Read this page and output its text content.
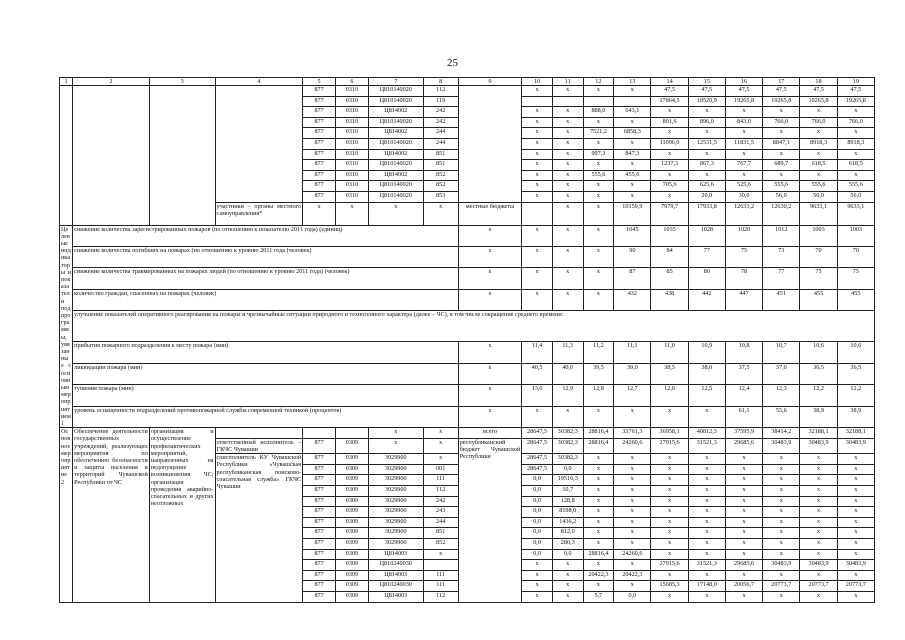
25
1	2	3	4	5	6	7	8	9	10	11	12	13	14	15	16	17	18	19
				877	0310	Ц810140020	112		x	x	x	x	47,5	47,5	47,5	47,5	47,5	47,5
				877	0310	Ц810140020	119						17864,5	18520,9	19265,8	19265,8	19265,8	19265,8
				877	0310	Ц814002	242		x	x	888,0	643,1	x	x	x	x	x	x
				877	0310	Ц810140020	242		x	x	x	x	801,6	896,0	843,0	766,0	766,0	766,0
				877	0310	Ц814002	244		x	x	7521,2	6858,3	x	x	x	x	x	x
				877	0310	Ц810140020	244		x	x	x	x	11096,0	12531,5	11831,5	8847,1	8918,3	8918,3
				877	0310	Ц814002	851		x	x	997,3	847,3	x	x	x	x	x	x
				877	0310	Ц810140020	851		x	x	x	x	1237,3	867,3	767,7	689,7	618,5	618,5
				877	0310	Ц814002	852		x	x	555,6	455,6	x	x	x	x	x	x
				877	0310	Ц810140020	852		x	x	x	x	705,6	625,6	525,6	555,6	555,6	555,6
				877	0310	Ц810140020	853		x	x	x	x	x	20,0	30,0	56,0	56,0	56,0
			участники – органы местного самоуправления*	x	x	x	x	местные бюджеты		x	x	10159,9	7979,7	17933,8	12633,2	12630,2	9633,1	9633,1
Целевые индикаторы и показатели подпрограммы, увязанные с основным мероприятием 1	снижение количества зарегистрированных пожаров (по отношению к показателю 2011 года) (единиц)							x	x	x	x	1045	1035	1028	1020	1012	1003	1003
	снижение количества погибших на пожарах (по отношению к уровню 2011 года (человек)							x	x	x	x	90	84	77	75	73	70	70
	снижение количества травмированных на пожарах людей (по отношению к уровню 2011 года) (человек)							x	x	x	x	87	85	80	78	77	75	75
	количество граждан, спасенных на пожарах (человек)							x	x	x	x	432	438	442	447	451	455	455
	улучшение показателей оперативного реагирования на пожары и чрезвычайные ситуации природного и техногенного характера (далее – ЧС), в том числе сокращение среднего времени:																	
	прибытия пожарного подразделения к месту пожара (мин)							x	11,4	11,3	11,2	11,1	11,0	10,9	10,8	10,7	10,6	10,6
	ликвидации пожара (мин)							x	40,5	40,0	39,5	39,0	38,5	38,0	37,5	37,0	36,5	36,5
	тушения пожара (мин)							x	13,0	12,9	12,8	12,7	12,6	12,5	12,4	12,3	12,2	12,2
	уровень оснащенности подразделений противопожарной службы современной техникой (процентов)							x	x	x	x	x	x	x	61,1	55,6	38,9	38,9
Основное мероприятие 2	Обеспечение деятельности государственных учреждений, реализующих мероприятия по обеспечению безопасности и защиты населения и территорий Чувашской Республики от ЧС	организация и осуществление профилактических мероприятий, направленных на недопущение возникновения ЧС; организация проведения аварийно-спасательных и других неотложных				x	x	всего	28647,5	30382,3	28816,4	33761,3	36958,1	40812,3	37595,9	38414,2	32188,1	32188,1
			ответственный исполнитель – ГКЧС Чувашии	877	0309	x	x	республиканский бюджет Чувашской Республики	28647,5	30382,3	28816,4	24260,6	27915,6	31521,3	29685,6	30483,9	30483,9	30483,9
			соисполнитель КУ Чувашской Республики «Чувашская республиканская поисково-спасательная служба» ГКЧС Чувашии	877	0309	3029900	x		28647,5	30382,3	x	x	x	x	x	x	x	x
				877	0309	3029900	001		28647,5	0,0	x	x	x	x	x	x	x	x
				877	0309	3029900	111		0,0	19516,3	x	x	x	x	x	x	x	x
				877	0309	3029900	112		0,0	10,7	x	x	x	x	x	x	x	x
				877	0309	3029900	242		0,0	128,8	x	x	x	x	x	x	x	x
				877	0309	3029900	243		0,0	8198,0	x	x	x	x	x	x	x	x
				877	0309	3029900	244		0,0	1436,2	x	x	x	x	x	x	x	x
				877	0309	3029900	851		0,0	812,0	x	x	x	x	x	x	x	x
				877	0309	3029900	852		0,0	280,3	x	x	x	x	x	x	x	x
				877	0309	Ц814003	x		0,0	0,0	28816,4	24260,6	x	x	x	x	x	x
				877	0309	Ц810240030			x	x	x	x	27915,6	31521,3	29685,6	30483,9	30483,9	30483,9
				877	0309	Ц814003	111		x	x	20422,3	20422,3	x	x	x	x	x	x
				877	0309	Ц810240030	111		x	x	x	x	15685,3	17148,0	20056,7	20773,7	20773,7	20773,7
				877	0309	Ц814003	112		x	x	5,7	0,0	x	x	x	x	x	x
